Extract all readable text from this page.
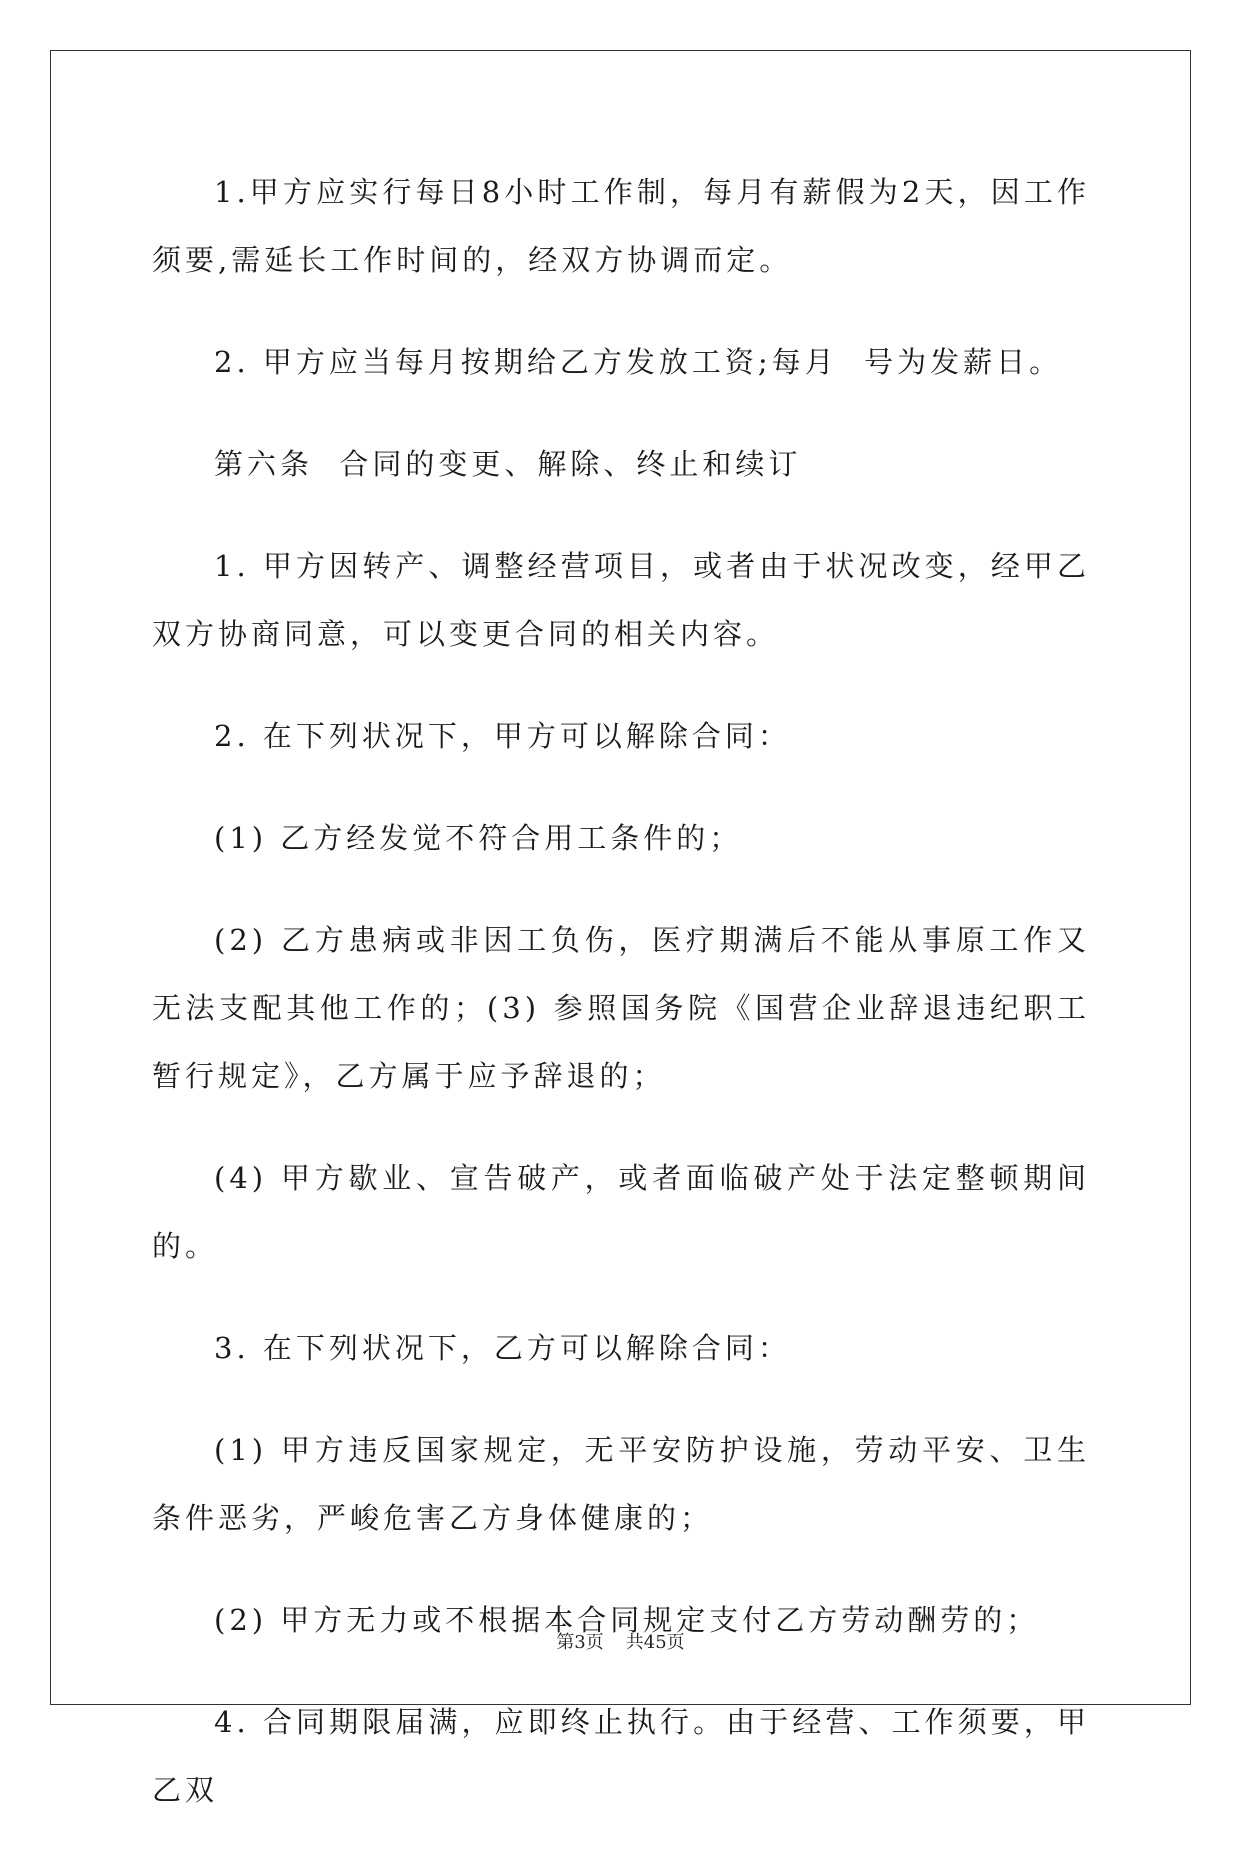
1.甲方应实行每日8小时工作制，每月有薪假为2天，因工作须要,需延长工作时间的，经双方协调而定。

2. 甲方应当每月按期给乙方发放工资;每月  号为发薪日。

第六条  合同的变更、解除、终止和续订

1. 甲方因转产、调整经营项目，或者由于状况改变，经甲乙双方协商同意，可以变更合同的相关内容。

2. 在下列状况下，甲方可以解除合同：

(1) 乙方经发觉不符合用工条件的；

(2) 乙方患病或非因工负伤，医疗期满后不能从事原工作又无法支配其他工作的；(3) 参照国务院《国营企业辞退违纪职工暂行规定》，乙方属于应予辞退的；

(4) 甲方歇业、宣告破产，或者面临破产处于法定整顿期间的。

3. 在下列状况下，乙方可以解除合同：

(1) 甲方违反国家规定，无平安防护设施，劳动平安、卫生条件恶劣，严峻危害乙方身体健康的；

(2) 甲方无力或不根据本合同规定支付乙方劳动酬劳的；

4. 合同期限届满，应即终止执行。由于经营、工作须要，甲乙双

第3页 共45页
